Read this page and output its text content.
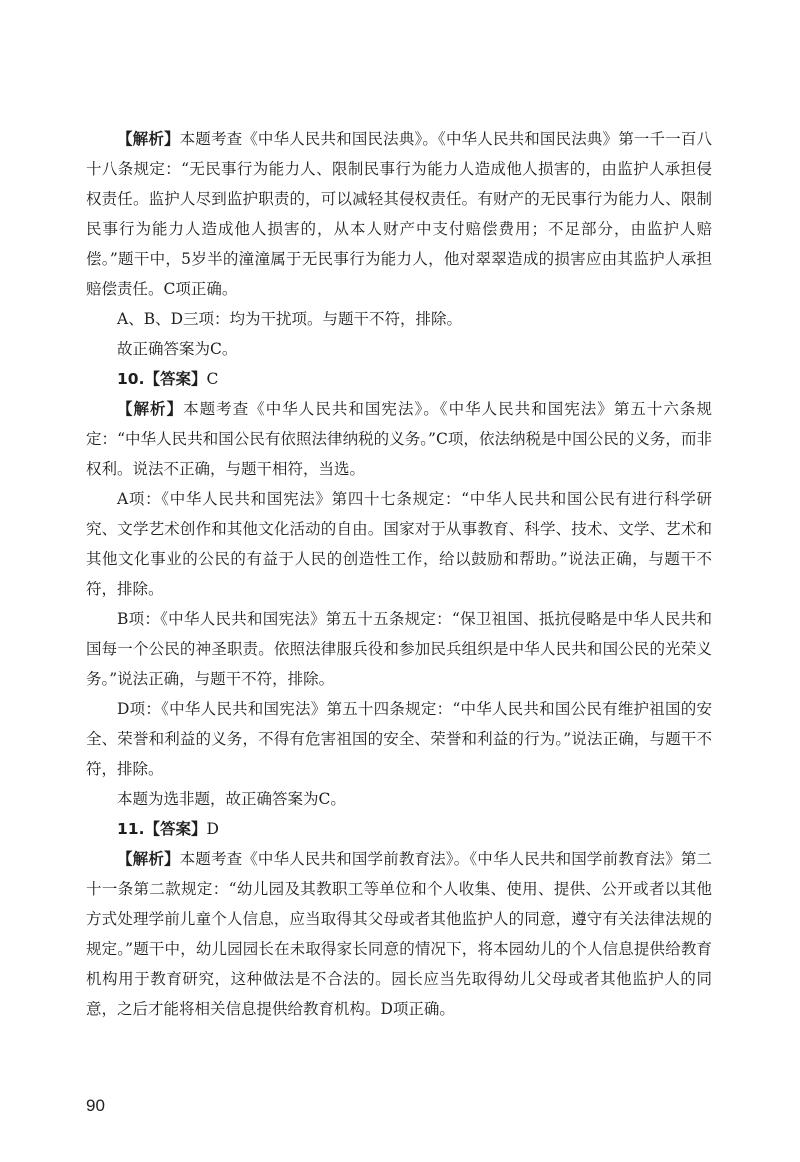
【解析】本题考查《中华人民共和国民法典》。《中华人民共和国民法典》第一千一百八十八条规定：“无民事行为能力人、限制民事行为能力人造成他人损害的，由监护人承担侵权责任。监护人尽到监护职责的，可以减轻其侵权责任。有财产的无民事行为能力人、限制民事行为能力人造成他人损害的，从本人财产中支付赔偿费用；不足部分，由监护人赔偿。”题干中，5岁半的潼潼属于无民事行为能力人，他对翠翠造成的损害应由其监护人承担赔偿责任。C项正确。

A、B、D三项：均为干扰项。与题干不符，排除。

故正确答案为C。

10.【答案】C

【解析】本题考查《中华人民共和国宪法》。《中华人民共和国宪法》第五十六条规定：“中华人民共和国公民有依照法律纳税的义务。”C项，依法纳税是中国公民的义务，而非权利。说法不正确，与题干相符，当选。

A项：《中华人民共和国宪法》第四十七条规定：“中华人民共和国公民有进行科学研究、文学艺术创作和其他文化活动的自由。国家对于从事教育、科学、技术、文学、艺术和其他文化事业的公民的有益于人民的创造性工作，给以鼓励和帮助。”说法正确，与题干不符，排除。

B项：《中华人民共和国宪法》第五十五条规定：“保卫祖国、抵抗侵略是中华人民共和国每一个公民的神圣职责。依照法律服兵役和参加民兵组织是中华人民共和国公民的光荣义务。”说法正确，与题干不符，排除。

D项：《中华人民共和国宪法》第五十四条规定：“中华人民共和国公民有维护祖国的安全、荣誉和利益的义务，不得有危害祖国的安全、荣誉和利益的行为。”说法正确，与题干不符，排除。

本题为选非题，故正确答案为C。

11.【答案】D

【解析】本题考查《中华人民共和国学前教育法》。《中华人民共和国学前教育法》第二十一条第二款规定：“幼儿园及其教职工等单位和个人收集、使用、提供、公开或者以其他方式处理学前儿童个人信息，应当取得其父母或者其他监护人的同意，遵守有关法律法规的规定。”题干中，幼儿园园长在未取得家长同意的情况下，将本园幼儿的个人信息提供给教育机构用于教育研究，这种做法是不合法的。园长应当先取得幼儿父母或者其他监护人的同意，之后才能将相关信息提供给教育机构。D项正确。

90
